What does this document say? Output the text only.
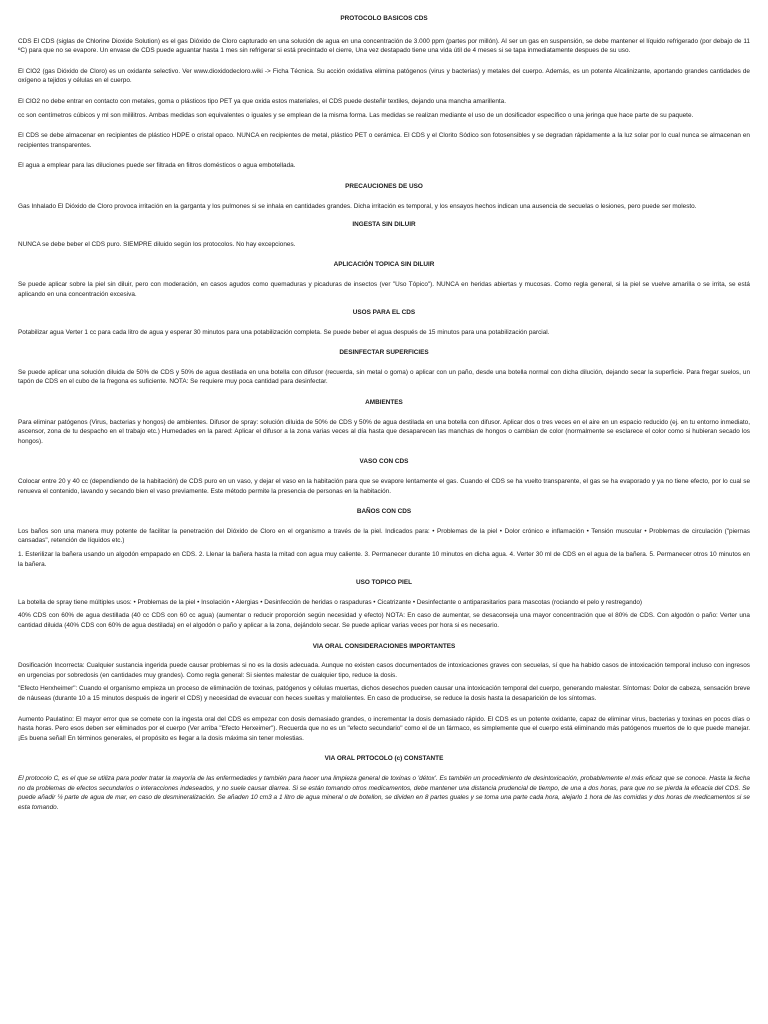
PROTOCOLO BASICOS CDS
CDS El CDS (siglas de Chlorine Dioxide Solution) es el gas Dióxido de Cloro capturado en una solución de agua en una concentración de 3.000 ppm (partes por millón). Al ser un gas en suspensión, se debe mantener el líquido refrigerado (por debajo de 11 ºC) para que no se evapore. Un envase de CDS puede aguantar hasta 1 mes sin refrigerar si está precintado el cierre, Una vez destapado tiene una vida útil de 4 meses si se tapa inmediatamente despues de su uso.
El ClO2 (gas Dióxido de Cloro) es un oxidante selectivo. Ver www.dioxidodecloro.wiki -> Ficha Técnica. Su acción oxidativa elimina patógenos (virus y bacterias) y metales del cuerpo. Además, es un potente Alcalinizante, aportando grandes cantidades de oxígeno a tejidos y células en el cuerpo.
El ClO2 no debe entrar en contacto con metales, goma o plásticos tipo PET ya que oxida estos materiales, el CDS puede desteñir textiles, dejando una mancha amarillenta.
cc son centímetros cúbicos y ml son mililitros. Ambas medidas son equivalentes o iguales y se emplean de la misma forma. Las medidas se realizan mediante el uso de un dosificador específico o una jeringa que hace parte de su paquete.
El CDS se debe almacenar en recipientes de plástico HDPE o cristal opaco. NUNCA en recipientes de metal, plástico PET o cerámica. El CDS y el Clorito Sódico son fotosensibles y se degradan rápidamente a la luz solar por lo cual nunca se almacenan en recipientes transparentes.
El agua a emplear para las diluciones puede ser filtrada en filtros domésticos o agua embotellada.
PRECAUCIONES DE USO
Gas Inhalado El Dióxido de Cloro provoca irritación en la garganta y los pulmones si se inhala en cantidades grandes. Dicha irritación es temporal, y los ensayos hechos indican una ausencia de secuelas o lesiones, pero puede ser molesto.
INGESTA SIN DILUIR
NUNCA se debe beber el CDS puro. SIEMPRE diluido según los protocolos. No hay excepciones.
APLICACIÓN TOPICA SIN DILUIR
Se puede aplicar sobre la piel sin diluir, pero con moderación, en casos agudos como quemaduras y picaduras de insectos (ver "Uso Tópico"). NUNCA en heridas abiertas y mucosas. Como regla general, si la piel se vuelve amarilla o se irrita, se está aplicando en una concentración excesiva.
USOS PARA EL CDS
Potabilizar agua Verter 1 cc para cada litro de agua y esperar 30 minutos para una potabilización completa. Se puede beber el agua después de 15 minutos para una potabilización parcial.
DESINFECTAR SUPERFICIES
Se puede aplicar una solución diluida de 50% de CDS y 50% de agua destilada en una botella con difusor (recuerda, sin metal o goma) o aplicar con un paño, desde una botella normal con dicha dilución, dejando secar la superficie. Para fregar suelos, un tapón de CDS en el cubo de la fregona es suficiente. NOTA: Se requiere muy poca cantidad para desinfectar.
AMBIENTES
Para eliminar patógenos (Virus, bacterias y hongos) de ambientes. Difusor de spray: solución diluida de 50% de CDS y 50% de agua destilada en una botella con difusor. Aplicar dos o tres veces en el aire en un espacio reducido (ej. en tu entorno inmediato, ascensor, zona de tu despacho en el trabajo etc.) Humedades en la pared: Aplicar el difusor a la zona varias veces al día hasta que desaparecen las manchas de hongos o cambian de color (normalmente se esclarece el color como si hubieran secado los hongos).
VASO CON CDS
Colocar entre 20 y 40 cc (dependiendo de la habitación) de CDS puro en un vaso, y dejar el vaso en la habitación para que se evapore lentamente el gas. Cuando el CDS se ha vuelto transparente, el gas se ha evaporado y ya no tiene efecto, por lo cual se renueva el contenido, lavando y secando bien el vaso previamente. Este método permite la presencia de personas en la habitación.
BAÑOS CON CDS
Los baños son una manera muy potente de facilitar la penetración del Dióxido de Cloro en el organismo a través de la piel. Indicados para: • Problemas de la piel • Dolor crónico e inflamación • Tensión muscular • Problemas de circulación ("piernas cansadas", retención de líquidos etc.)
1. Esterilizar la bañera usando un algodón empapado en CDS. 2. Llenar la bañera hasta la mitad con agua muy caliente. 3. Permanecer durante 10 minutos en dicha agua. 4. Verter 30 ml de CDS en el agua de la bañera. 5. Permanecer otros 10 minutos en la bañera.
USO TOPICO PIEL
La botella de spray tiene múltiples usos: • Problemas de la piel • Insolación • Alergias • Desinfección de heridas o raspaduras • Cicatrizante • Desinfectante o antiparasitarios para mascotas (rociando el pelo y restregando)
40% CDS con 60% de agua destillada (40 cc CDS con 60 cc agua) (aumentar o reducir proporción según necesidad y efecto) NOTA: En caso de aumentar, se desaconseja una mayor concentración que el 80% de CDS. Con algodón o paño: Verter una cantidad diluida (40% CDS con 60% de agua destilada) en el algodón o paño y aplicar a la zona, dejándolo secar. Se puede aplicar varias veces por hora si es necesario.
VIA ORAL CONSIDERACIONES IMPORTANTES
Dosificación Incorrecta: Cualquier sustancia ingerida puede causar problemas si no es la dosis adecuada. Aunque no existen casos documentados de intoxicaciones graves con secuelas, sí que ha habido casos de intoxicación temporal incluso con ingresos en urgencias por sobredosis (en cantidades muy grandes). Como regla general: Si sientes malestar de cualquier tipo, reduce la dosis.
"Efecto Herxheimer": Cuando el organismo empieza un proceso de eliminación de toxinas, patógenos y células muertas, dichos desechos pueden causar una intoxicación temporal del cuerpo, generando malestar. Síntomas: Dolor de cabeza, sensación breve de náuseas (durante 10 a 15 minutos después de ingerir el CDS) y necesidad de evacuar con heces sueltas y malolientes. En caso de producirse, se reduce la dosis hasta la desaparición de los síntomas.
Aumento Paulatino: El mayor error que se comete con la ingesta oral del CDS es empezar con dosis demasiado grandes, o incrementar la dosis demasiado rápido. El CDS es un potente oxidante, capaz de eliminar virus, bacterias y toxinas en pocos días o hasta horas. Pero esos deben ser eliminados por el cuerpo (Ver arriba "Efecto Herxeimer"). Recuerda que no es un "efecto secundario" como el de un fármaco, es simplemente que el cuerpo está eliminando más patógenos muertos de lo que puede manejar. ¡Es buena señal! En términos generales, el propósito es llegar a la dosis máxima sin tener molestias.
VIA ORAL PRTOCOLO (c) CONSTANTE
El protocolo C, es el que se utiliza para poder tratar la mayoría de las enfermedades y también para hacer una limpieza general de toxinas o 'détox'. Es también un procedimiento de desintoxicación, probablemente el más eficaz que se conoce. Hasta la fecha no da problemas de efectos secundarios o interacciones indeseados, y no suele causar diarrea. Si se están tomando otros medicamentos, debe mantener una distancia prudencial de tiempo, de una a dos horas, para que no se pierda la eficacia del CDS. Se puede añadir ¼ parte de agua de mar, en caso de desmineralización. Se añaden 10 cm3 a 1 litro de agua mineral o de botellon, se dividen en 8 partes guales y se toma una parte cada hora, alejarlo 1 hora de las comidas y dos horas de medicamentos si se esta tomando.
